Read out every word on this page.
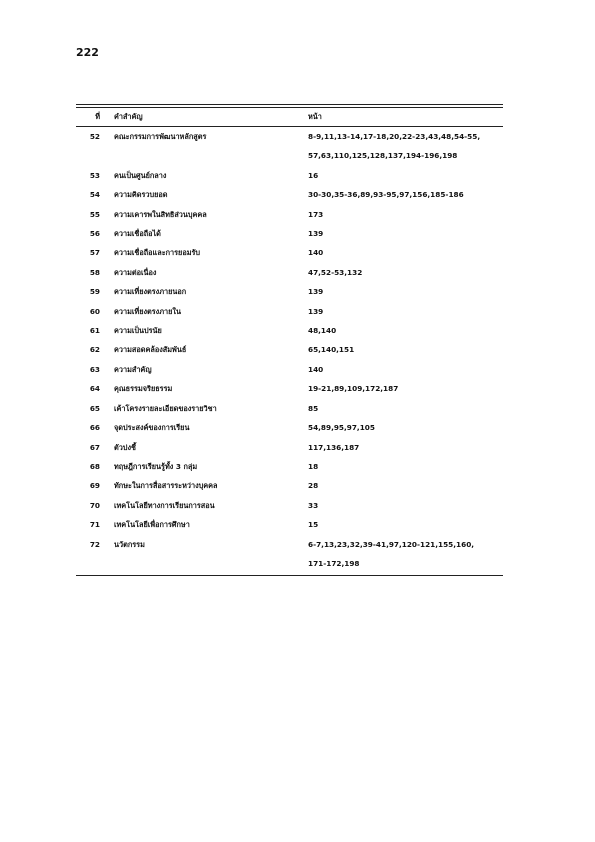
222
ที่	คำสำคัญ	หน้า
52	คณะกรรมการพัฒนาหลักสูตร	8-9,11,13-14,17-18,20,22-23,43,48,54-55,
57,63,110,125,128,137,194-196,198
53	คนเป็นศูนย์กลาง	16
54	ความคิดรวบยอด	30-30,35-36,89,93-95,97,156,185-186
55	ความเคารพในสิทธิส่วนบุคคล	173
56	ความเชื่อถือได้	139
57	ความเชื่อถือและการยอมรับ	140
58	ความต่อเนื่อง	47,52-53,132
59	ความเที่ยงตรงภายนอก	139
60	ความเที่ยงตรงภายใน	139
61	ความเป็นปรนัย	48,140
62	ความสอดคล้องสัมพันธ์	65,140,151
63	ความสำคัญ	140
64	คุณธรรมจริยธรรม	19-21,89,109,172,187
65	เค้าโครงรายละเอียดของรายวิชา	85
66	จุดประสงค์ของการเรียน	54,89,95,97,105
67	ตัวบ่งชี้	117,136,187
68	ทฤษฎีการเรียนรู้ทั้ง 3 กลุ่ม	18
69	ทักษะในการสื่อสารระหว่างบุคคล	28
70	เทคโนโลยีทางการเรียนการสอน	33
71	เทคโนโลยีเพื่อการศึกษา	15
72	นวัตกรรม	6-7,13,23,32,39-41,97,120-121,155,160,
171-172,198
